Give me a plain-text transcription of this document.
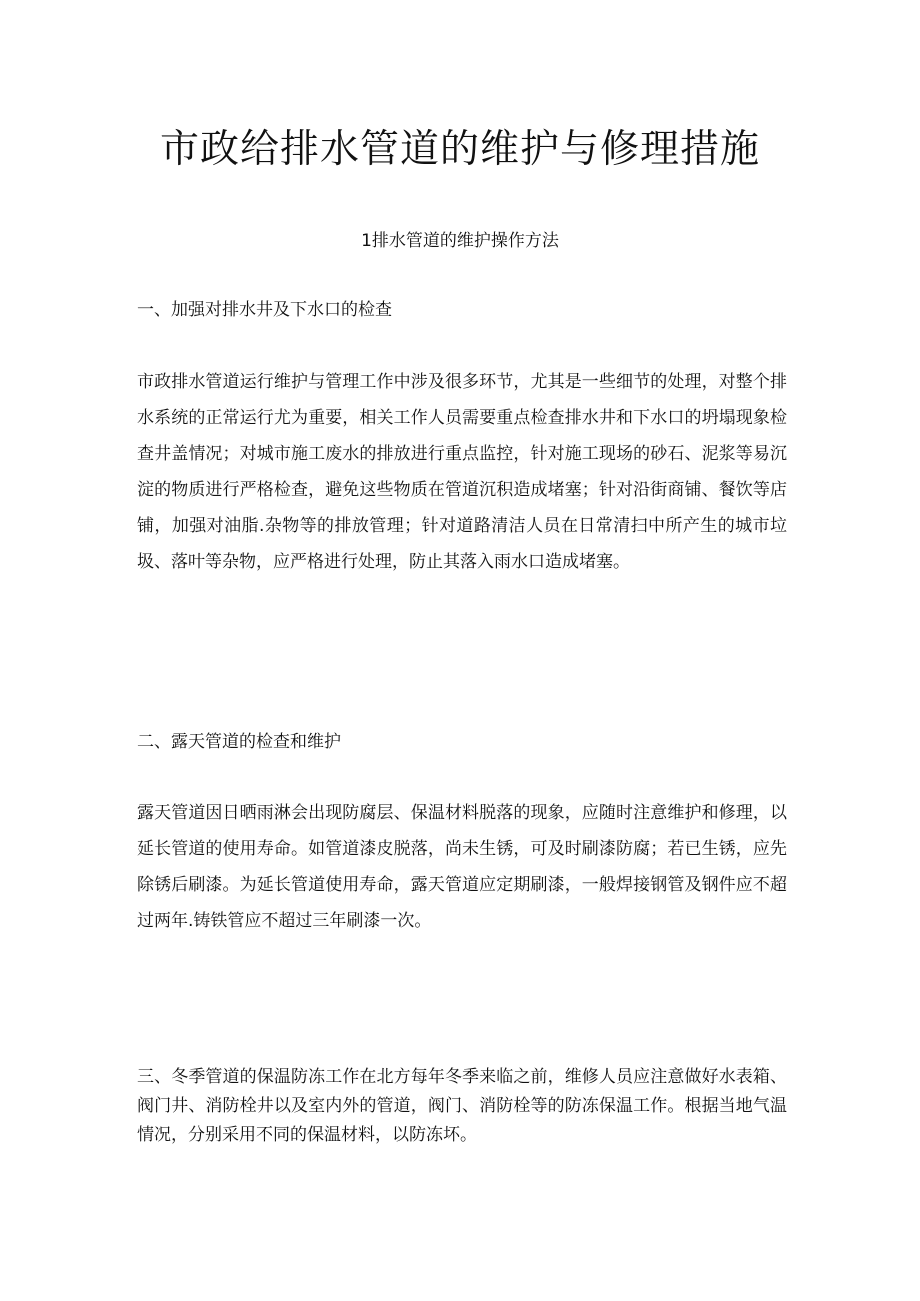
市政给排水管道的维护与修理措施
1排水管道的维护操作方法

一、加强对排水井及下水口的检查

市政排水管道运行维护与管理工作中涉及很多环节，尤其是一些细节的处理，对整个排水系统的正常运行尤为重要，相关工作人员需要重点检查排水井和下水口的坍塌现象检查井盖情况；对城市施工废水的排放进行重点监控，针对施工现场的砂石、泥浆等易沉淀的物质进行严格检查，避免这些物质在管道沉积造成堵塞；针对沿街商铺、餐饮等店铺，加强对油脂.杂物等的排放管理；针对道路清洁人员在日常清扫中所产生的城市垃圾、落叶等杂物，应严格进行处理，防止其落入雨水口造成堵塞。

二、露天管道的检查和维护

露天管道因日晒雨淋会出现防腐层、保温材料脱落的现象，应随时注意维护和修理，以延长管道的使用寿命。如管道漆皮脱落，尚未生锈，可及时刷漆防腐；若已生锈，应先除锈后刷漆。为延长管道使用寿命，露天管道应定期刷漆，一般焊接钢管及钢件应不超过两年.铸铁管应不超过三年刷漆一次。

三、冬季管道的保温防冻工作在北方每年冬季来临之前，维修人员应注意做好水表箱、阀门井、消防栓井以及室内外的管道，阀门、消防栓等的防冻保温工作。根据当地气温情况，分别采用不同的保温材料，以防冻坏。
